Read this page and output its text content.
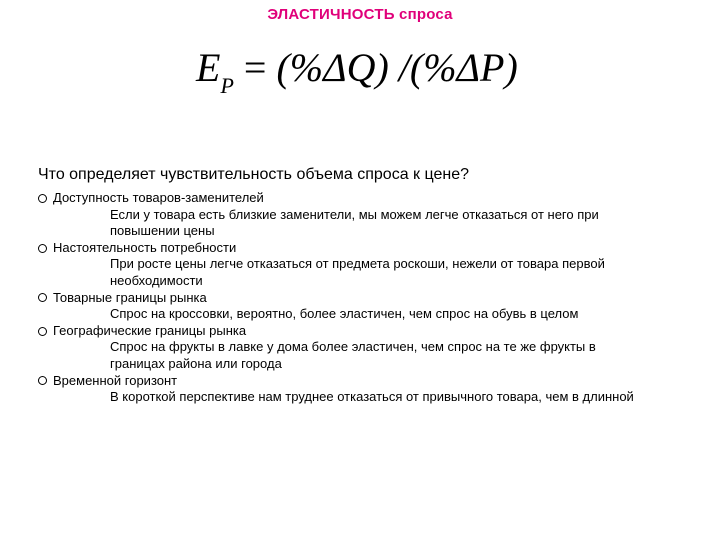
ЭЛАСТИЧНОСТЬ спроса
$E_P = (\%\Delta Q)$ /(%ΔP)
Что определяет чувствительность объема спроса к цене?
Доступность товаров-заменителей
Если у товара есть близкие заменители, мы можем легче отказаться от него при
повышении цены
Настоятельность потребности
При росте цены легче отказаться от предмета роскоши, нежели от товара первой
необходимости
Товарные границы рынка
Спрос на кроссовки, вероятно, более эластичен, чем спрос на обувь в целом
Географические границы рынка
Спрос на фрукты в лавке у дома более эластичен, чем спрос на те же фрукты в
границах района или города
Временной горизонт
В короткой перспективе нам труднее отказаться от привычного товара, чем в длинной
